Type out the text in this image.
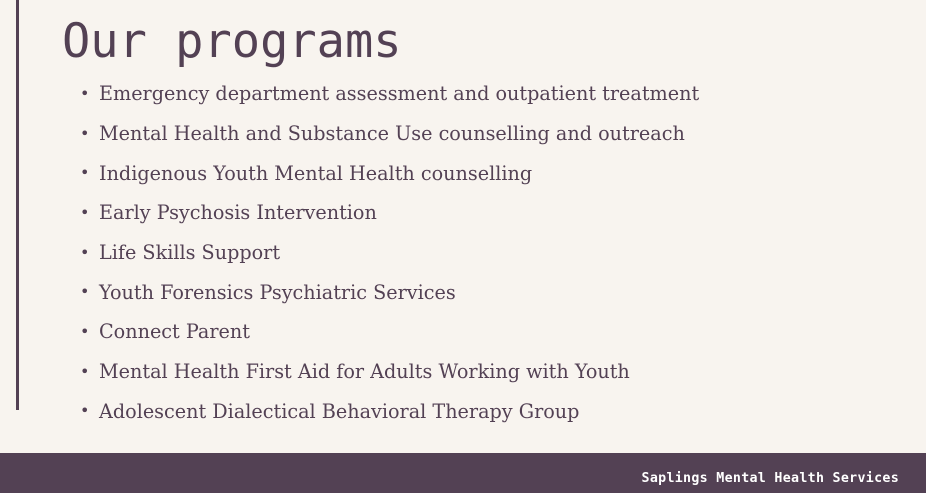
Our programs
• Emergency department assessment and outpatient treatment
• Mental Health and Substance Use counselling and outreach
• Indigenous Youth Mental Health counselling
• Early Psychosis Intervention
• Life Skills Support
• Youth Forensics Psychiatric Services
• Connect Parent
• Mental Health First Aid for Adults Working with Youth
• Adolescent Dialectical Behavioral Therapy Group
Saplings Mental Health Services
